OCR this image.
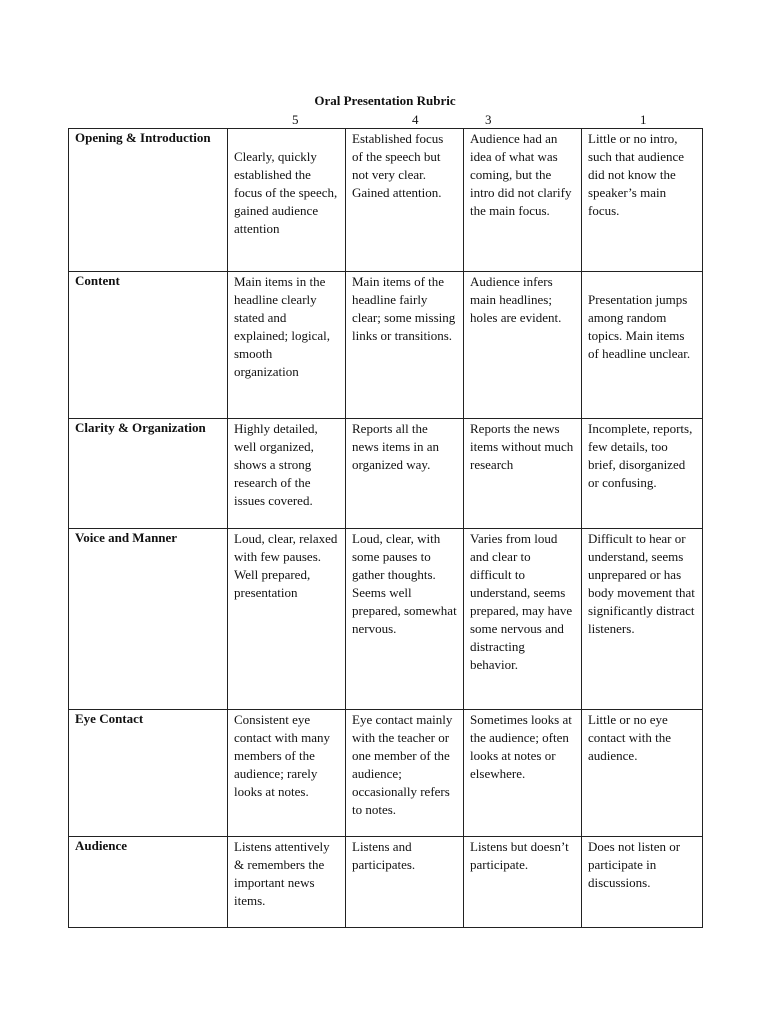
Oral Presentation Rubric
5	4	3	1
Opening & Introduction	Clearly, quickly established the focus of the speech, gained audience attention	Established focus of the speech but not very clear. Gained attention.	Audience had an idea of what was coming, but the intro did not clarify the main focus.	Little or no intro, such that audience did not know the speaker’s main focus.
Content	Main items in the headline clearly stated and explained; logical, smooth organization	Main items of the headline fairly clear; some missing links or transitions.	Audience infers main headlines; holes are evident.	Presentation jumps among random topics. Main items of headline unclear.
Clarity & Organization	Highly detailed, well organized, shows a strong research of the issues covered.	Reports all the news items in an organized way.	Reports the news items without much research	Incomplete, reports, few details, too brief, disorganized or confusing.
Voice and Manner	Loud, clear, relaxed with few pauses. Well prepared, presentation	Loud, clear, with some pauses to gather thoughts. Seems well prepared, somewhat nervous.	Varies from loud and clear to difficult to understand, seems prepared, may have some nervous and distracting behavior.	Difficult to hear or understand, seems unprepared or has body movement that significantly distract listeners.
Eye Contact	Consistent eye contact with many members of the audience; rarely looks at notes.	Eye contact mainly with the teacher or one member of the audience; occasionally refers to notes.	Sometimes looks at the audience; often looks at notes or elsewhere.	Little or no eye contact with the audience.
Audience	Listens attentively & remembers the important news items.	Listens and participates.	Listens but doesn’t participate.	Does not listen or participate in discussions.
